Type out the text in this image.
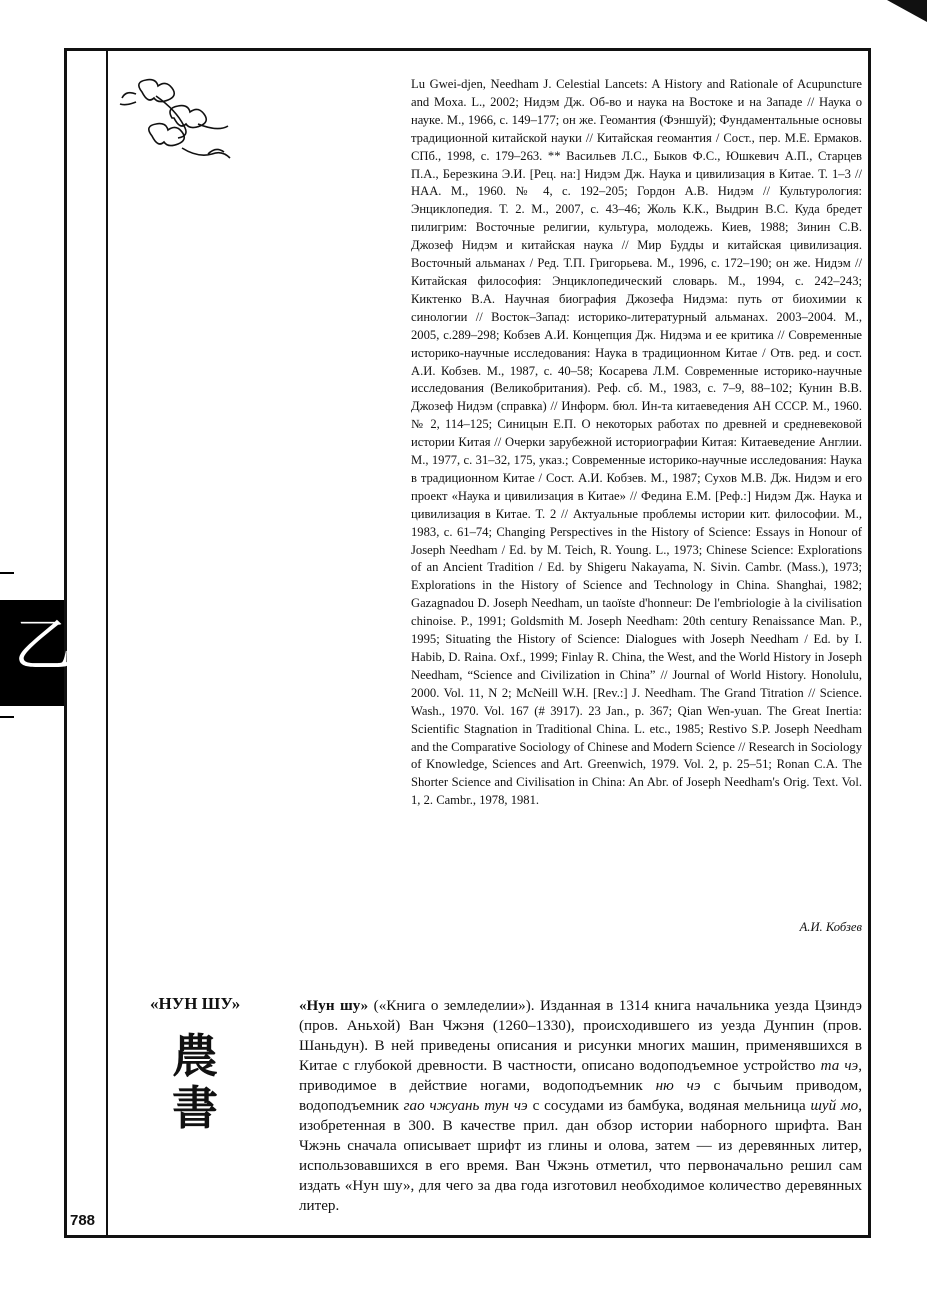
乙

Lu Gwei-djen, Needham J. Celestial Lancets: A History and Rationale of Acupuncture and Moxa. L., 2002; Нидэм Дж. Об-во и наука на Востоке и на Западе // Наука о науке. М., 1966, с. 149–177; он же. Геомантия (Фэншуй); Фундаментальные основы традиционной китайской науки // Китайская геомантия / Сост., пер. М.Е. Ермаков. СПб., 1998, с. 179–263. ** Васильев Л.С., Быков Ф.С., Юшкевич А.П., Старцев П.А., Березкина Э.И. [Рец. на:] Нидэм Дж. Наука и цивилизация в Китае. Т. 1–3 // НАА. М., 1960. № 4, с. 192–205; Гордон А.В. Нидэм // Культурология: Энциклопедия. Т. 2. М., 2007, с. 43–46; Жоль К.К., Выдрин В.С. Куда бредет пилигрим: Восточные религии, культура, молодежь. Киев, 1988; Зинин С.В. Джозеф Нидэм и китайская наука // Мир Будды и китайская цивилизация. Восточный альманах / Ред. Т.П. Григорьева. М., 1996, с. 172–190; он же. Нидэм // Китайская философия: Энциклопедический словарь. М., 1994, с. 242–243; Киктенко В.А. Научная биография Джозефа Нидэма: путь от биохимии к синологии // Восток–Запад: историко-литературный альманах. 2003–2004. М., 2005, с.289–298; Кобзев А.И. Концепция Дж. Нидэма и ее критика // Современные историко-научные исследования: Наука в традиционном Китае / Отв. ред. и сост. А.И. Кобзев. М., 1987, с. 40–58; Косарева Л.М. Современные историко-научные исследования (Великобритания). Реф. сб. М., 1983, с. 7–9, 88–102; Кунин В.В. Джозеф Нидэм (справка) // Информ. бюл. Ин-та китаеведения АН СССР. М., 1960. № 2, 114–125; Синицын Е.П. О некоторых работах по древней и средневековой истории Китая // Очерки зарубежной историографии Китая: Китаеведение Англии. М., 1977, с. 31–32, 175, указ.; Современные историко-научные исследования: Наука в традиционном Китае / Сост. А.И. Кобзев. М., 1987; Сухов М.В. Дж. Нидэм и его проект «Наука и цивилизация в Китае» // Федина Е.М. [Реф.:] Нидэм Дж. Наука и цивилизация в Китае. Т. 2 // Актуальные проблемы истории кит. философии. М., 1983, с. 61–74; Changing Perspectives in the History of Science: Essays in Honour of Joseph Needham / Ed. by M. Teich, R. Young. L., 1973; Chinese Science: Explorations of an Ancient Tradition / Ed. by Shigeru Nakayama, N. Sivin. Cambr. (Mass.), 1973; Explorations in the History of Science and Technology in China. Shanghai, 1982; Gazagnadou D. Joseph Needham, un taoïste d'honneur: De l'embriologie à la civilisation chinoise. P., 1991; Goldsmith M. Joseph Needham: 20th century Renaissance Man. P., 1995; Situating the History of Science: Dialogues with Joseph Needham / Ed. by I. Habib, D. Raina. Oxf., 1999; Finlay R. China, the West, and the World History in Joseph Needham, “Science and Civilization in China” // Journal of World History. Honolulu, 2000. Vol. 11, N 2; McNeill W.H. [Rev.:] J. Needham. The Grand Titration // Science. Wash., 1970. Vol. 167 (# 3917). 23 Jan., p. 367; Qian Wen-yuan. The Great Inertia: Scientific Stagnation in Traditional China. L. etc., 1985; Restivo S.P. Joseph Needham and the Comparative Sociology of Chinese and Modern Science // Research in Sociology of Knowledge, Sciences and Art. Greenwich, 1979. Vol. 2, p. 25–51; Ronan C.A. The Shorter Science and Civilisation in China: An Abr. of Joseph Needham's Orig. Text. Vol. 1, 2. Cambr., 1978, 1981.

А.И. Кобзев
«НУН ШУ»
農書

«Нун шу» («Книга о земледелии»). Изданная в 1314 книга начальника уезда Цзиндэ (пров. Аньхой) Ван Чжэня (1260–1330), происходившего из уезда Дунпин (пров. Шаньдун). В ней приведены описания и рисунки многих машин, применявшихся в Китае с глубокой древности. В частности, описано водоподъемное устройство та чэ, приводимое в действие ногами, водоподъемник ню чэ с бычьим приводом, водоподъемник гао чжуань тун чэ с сосудами из бамбука, водяная мельница шуй мо, изобретенная в 300. В качестве прил. дан обзор истории наборного шрифта. Ван Чжэнь сначала описывает шрифт из глины и олова, затем — из деревянных литер, использовавшихся в его время. Ван Чжэнь отметил, что первоначально решил сам издать «Нун шу», для чего за два года изготовил необходимое количество деревянных литер.

788
